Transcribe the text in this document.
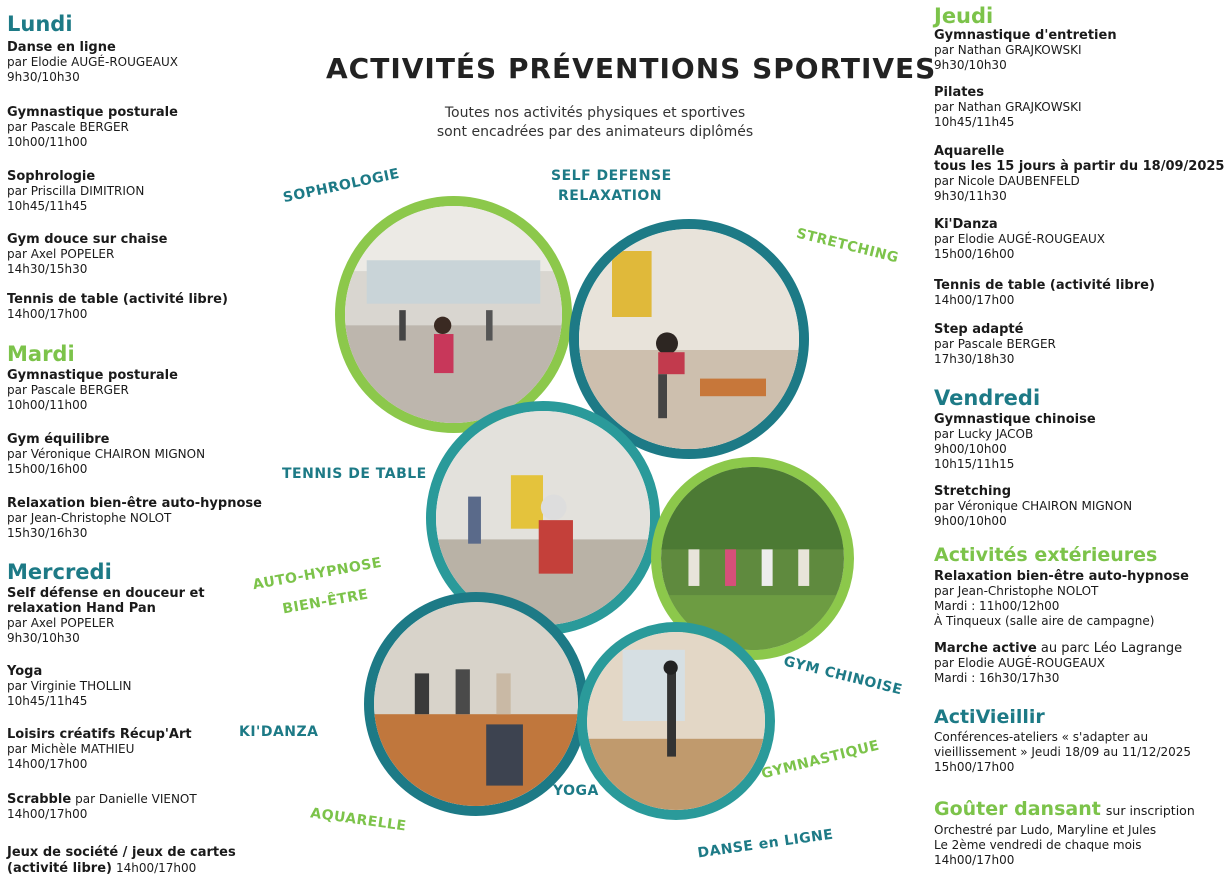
Lundi

Danse en ligne
par Elodie AUGÉ-ROUGEAUX
9h30/10h30
Gymnastique posturale
par Pascale BERGER
10h00/11h00
Sophrologie
par Priscilla DIMITRION
10h45/11h45
Gym douce sur chaise
par Axel POPELER
14h30/15h30
Tennis de table (activité libre)
14h00/17h00

Mardi

Gymnastique posturale
par Pascale BERGER
10h00/11h00
Gym équilibre
par Véronique CHAIRON MIGNON
15h00/16h00
Relaxation bien-être auto-hypnose
par Jean-Christophe NOLOT
15h30/16h30

Mercredi

Self défense en douceur et
relaxation Hand Pan
par Axel POPELER
9h30/10h30
Yoga
par Virginie THOLLIN
10h45/11h45
Loisirs créatifs Récup'Art
par Michèle MATHIEU
14h00/17h00
Scrabble par Danielle VIENOT
14h00/17h00
Jeux de société / jeux de cartes
(activité libre) 14h00/17h00
ACTIVITÉS PRÉVENTIONS SPORTIVES
Toutes nos activités physiques et sportives
sont encadrées par des animateurs diplômés
SOPHROLOGIE	SELF DEFENSE
RELAXATION
STRETCHING
TENNIS DE TABLE
AUTO-HYPNOSE
BIEN-ÊTRE
GYM CHINOISE
KI'DANZA
GYMNASTIQUE
YOGA
AQUARELLE
DANSE en LIGNE

Jeudi

Gymnastique d'entretien
par Nathan GRAJKOWSKI
9h30/10h30
Pilates
par Nathan GRAJKOWSKI
10h45/11h45
Aquarelle
tous les 15 jours à partir du 18/09/2025
par Nicole DAUBENFELD
9h30/11h30
Ki'Danza
par Elodie AUGÉ-ROUGEAUX
15h00/16h00
Tennis de table (activité libre)
14h00/17h00
Step adapté
par Pascale BERGER
17h30/18h30

Vendredi

Gymnastique chinoise
par Lucky JACOB
9h00/10h00
10h15/11h15
Stretching
par Véronique CHAIRON MIGNON
9h00/10h00

Activités extérieures

Relaxation bien-être auto-hypnose
par Jean-Christophe NOLOT
Mardi : 11h00/12h00
À Tinqueux (salle aire de campagne)
Marche active au parc Léo Lagrange
par Elodie AUGÉ-ROUGEAUX
Mardi : 16h30/17h30

ActiVieillir

Conférences-ateliers « s'adapter au
vieillissement » Jeudi 18/09 au 11/12/2025
15h00/17h00
Goûter dansant sur inscription
Orchestré par Ludo, Maryline et Jules
Le 2ème vendredi de chaque mois
14h00/17h00
